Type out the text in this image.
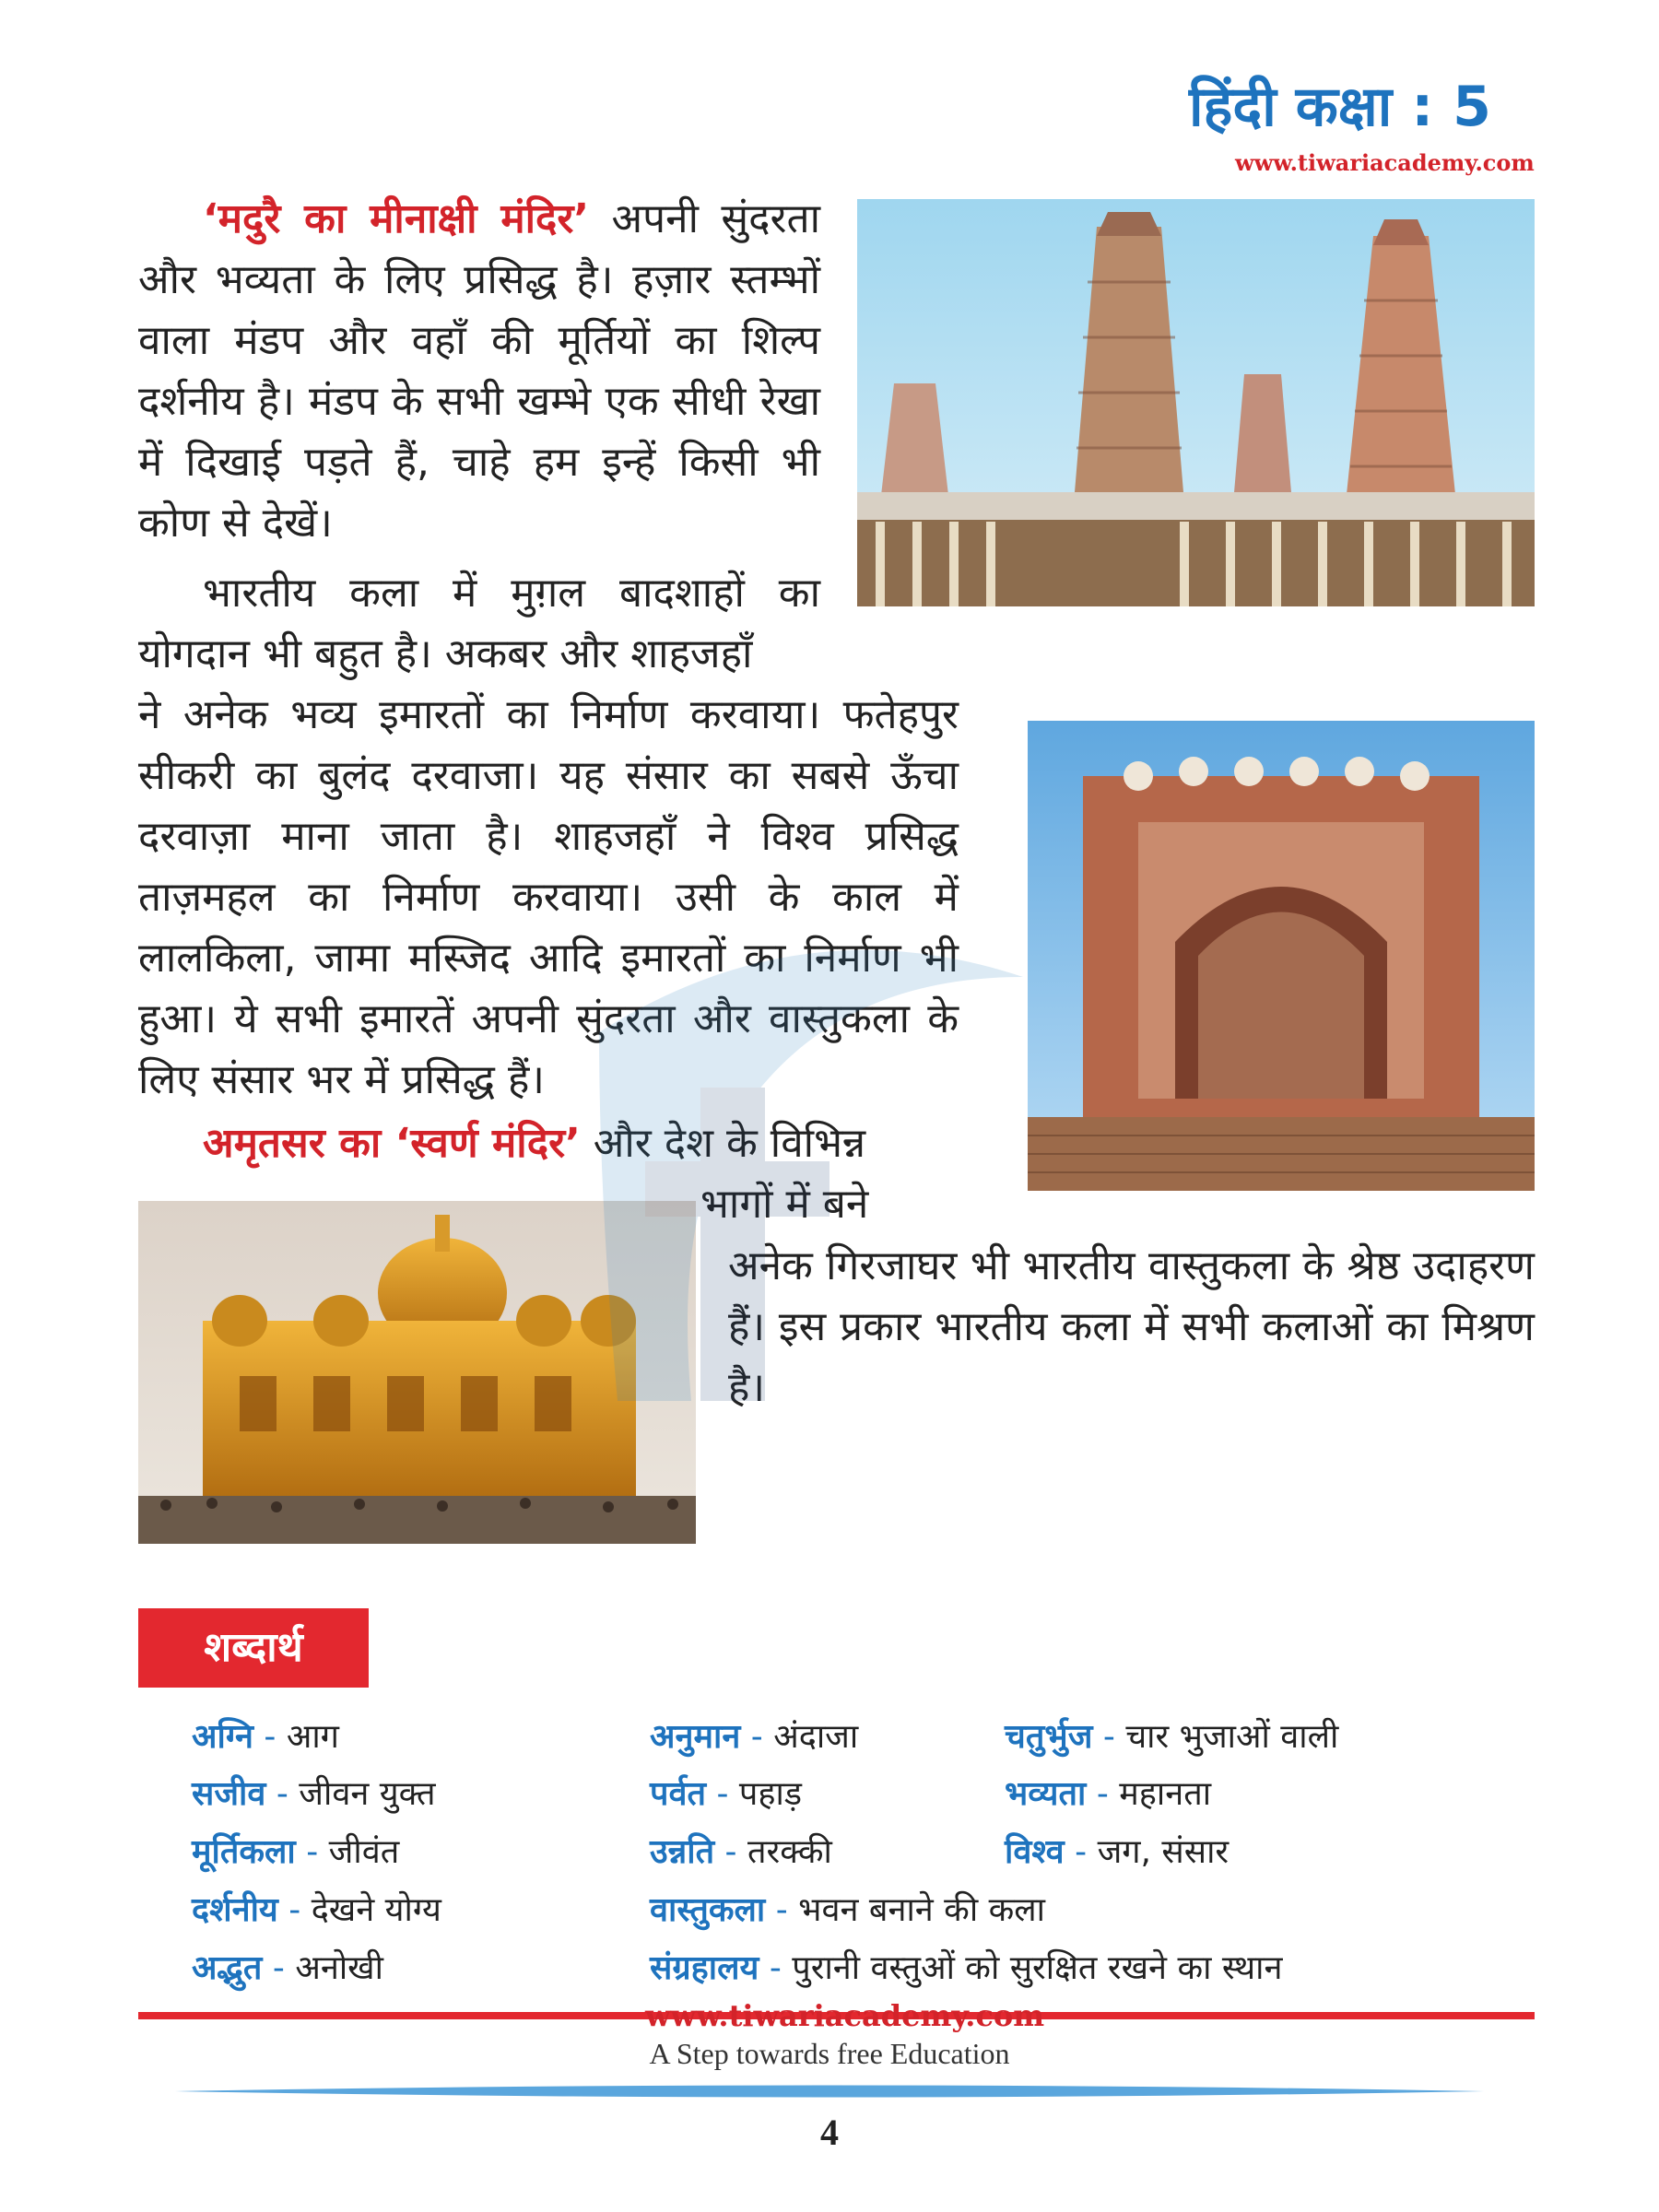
हिंदी कक्षा : 5
www.tiwariacademy.com
‘मदुरै का मीनाक्षी मंदिर’ अपनी सुंदरता और भव्यता के लिए प्रसिद्ध है। हज़ार स्तम्भों वाला मंडप और वहाँ की मूर्तियों का शिल्प दर्शनीय है। मंडप के सभी खम्भे एक सीधी रेखा में दिखाई पड़ते हैं, चाहे हम इन्हें किसी भी कोण से देखें।
भारतीय कला में मुग़ल बादशाहों का योगदान भी बहुत है। अकबर और शाहजहाँ
ने अनेक भव्य इमारतों का निर्माण करवाया। फतेहपुर सीकरी का बुलंद दरवाजा। यह संसार का सबसे ऊँचा दरवाज़ा माना जाता है। शाहजहाँ ने विश्व प्रसिद्ध ताज़महल का निर्माण करवाया। उसी के काल में लालकिला, जामा मस्जिद आदि इमारतों का निर्माण भी हुआ। ये सभी इमारतें अपनी सुंदरता और वास्तुकला के लिए संसार भर में प्रसिद्ध हैं।
अमृतसर का ‘स्वर्ण मंदिर’ और देश के विभिन्न
भागों में बने
अनेक गिरजाघर भी भारतीय वास्तुकला के श्रेष्ठ उदाहरण हैं। इस प्रकार भारतीय कला में सभी कलाओं का मिश्रण है।
शब्दार्थ
अग्नि - आग	अनुमान - अंदाजा	चतुर्भुज - चार भुजाओं वाली
सजीव - जीवन युक्त	पर्वत - पहाड़	भव्यता - महानता
मूर्तिकला - जीवंत	उन्नति - तरक्की	विश्व - जग, संसार
दर्शनीय - देखने योग्य	वास्तुकला - भवन बनाने की कला
अद्भुत - अनोखी	संग्रहालय - पुरानी वस्तुओं को सुरक्षित रखने का स्थान
www.tiwariacademy.com
A Step towards free Education
4
